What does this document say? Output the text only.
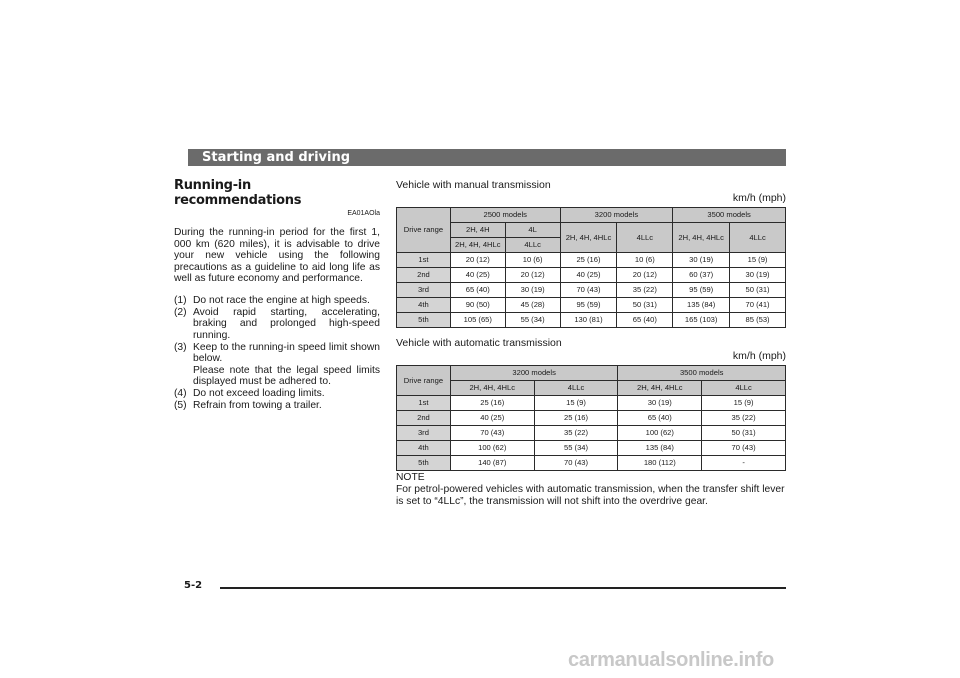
Starting and driving
Running-in recommendations
EA01AOla

During the running-in period for the first 1, 000 km (620 miles), it is advisable to drive your new vehicle using the following precautions as a guideline to aid long life as well as future economy and performance.

(1) Do not race the engine at high speeds.
(2) Avoid rapid starting, accelerating, braking and prolonged high-speed running.
(3) Keep to the running-in speed limit shown below.
Please note that the legal speed limits displayed must be adhered to.
(4) Do not exceed loading limits.
(5) Refrain from towing a trailer.
Vehicle with manual transmission
km/h (mph)
Drive range	2500 models		3200 models		3500 models	
	2H, 4H	4L	2H, 4H, 4HLc	4LLc	2H, 4H, 4HLc	4LLc
	2H, 4H, 4HLc	4LLc				
1st	20 (12)	10 (6)	25 (16)	10 (6)	30 (19)	15 (9)
2nd	40 (25)	20 (12)	40 (25)	20 (12)	60 (37)	30 (19)
3rd	65 (40)	30 (19)	70 (43)	35 (22)	95 (59)	50 (31)
4th	90 (50)	45 (28)	95 (59)	50 (31)	135 (84)	70 (41)
5th	105 (65)	55 (34)	130 (81)	65 (40)	165 (103)	85 (53)
Vehicle with automatic transmission
km/h (mph)
Drive range	3200 models		3500 models	
	2H, 4H, 4HLc	4LLc	2H, 4H, 4HLc	4LLc
1st	25 (16)	15 (9)	30 (19)	15 (9)
2nd	40 (25)	25 (16)	65 (40)	35 (22)
3rd	70 (43)	35 (22)	100 (62)	50 (31)
4th	100 (62)	55 (34)	135 (84)	70 (43)
5th	140 (87)	70 (43)	180 (112)	-
NOTE
For petrol-powered vehicles with automatic transmission, when the transfer shift lever is set to “4LLc”, the transmission will not shift into the overdrive gear.
5-2
carmanualsonline.info
